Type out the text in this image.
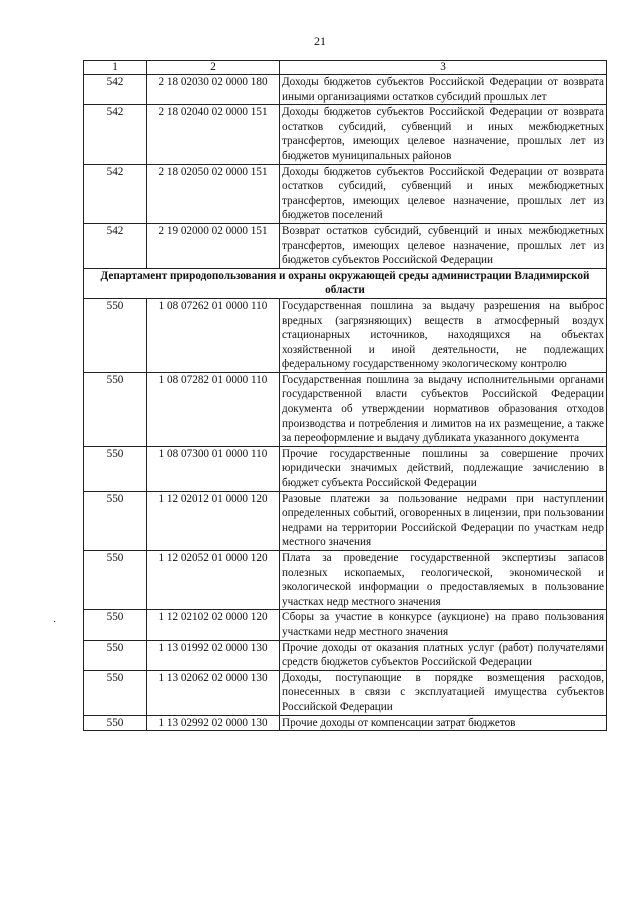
21
·
1	2	3
542	2 18 02030 02 0000 180	Доходы бюджетов субъектов Российской Федерации от возврата иными организациями остатков субсидий прошлых лет
542	2 18 02040 02 0000 151	Доходы бюджетов субъектов Российской Федерации от возврата остатков субсидий, субвенций и иных межбюджетных трансфертов, имеющих целевое назначение, прошлых лет из бюджетов муниципальных районов
542	2 18 02050 02 0000 151	Доходы бюджетов субъектов Российской Федерации от возврата остатков субсидий, субвенций и иных межбюджетных трансфертов, имеющих целевое назначение, прошлых лет из бюджетов поселений
542	2 19 02000 02 0000 151	Возврат остатков субсидий, субвенций и иных межбюджетных трансфертов, имеющих целевое назначение, прошлых лет из бюджетов субъектов Российской Федерации
Департамент природопользования и охраны окружающей среды администрации Владимирской области		
550	1 08 07262 01 0000 110	Государственная пошлина за выдачу разрешения на выброс вредных (загрязняющих) веществ в атмосферный воздух стационарных источников, находящихся на объектах хозяйственной и иной деятельности, не подлежащих федеральному государственному экологическому контролю
550	1 08 07282 01 0000 110	Государственная пошлина за выдачу исполнительными органами государственной власти субъектов Российской Федерации документа об утверждении нормативов образования отходов производства и потребления и лимитов на их размещение, а также за переоформление и выдачу дубликата указанного документа
550	1 08 07300 01 0000 110	Прочие государственные пошлины за совершение прочих юридически значимых действий, подлежащие зачислению в бюджет субъекта Российской Федерации
550	1 12 02012 01 0000 120	Разовые платежи за пользование недрами при наступлении определенных событий, оговоренных в лицензии, при пользовании недрами на территории Российской Федерации по участкам недр местного значения
550	1 12 02052 01 0000 120	Плата за проведение государственной экспертизы запасов полезных ископаемых, геологической, экономической и экологической информации о предоставляемых в пользование участках недр местного значения
550	1 12 02102 02 0000 120	Сборы за участие в конкурсе (аукционе) на право пользования участками недр местного значения
550	1 13 01992 02 0000 130	Прочие доходы от оказания платных услуг (работ) получателями средств бюджетов субъектов Российской Федерации
550	1 13 02062 02 0000 130	Доходы, поступающие в порядке возмещения расходов, понесенных в связи с эксплуатацией имущества субъектов Российской Федерации
550	1 13 02992 02 0000 130	Прочие доходы от компенсации затрат бюджетов
